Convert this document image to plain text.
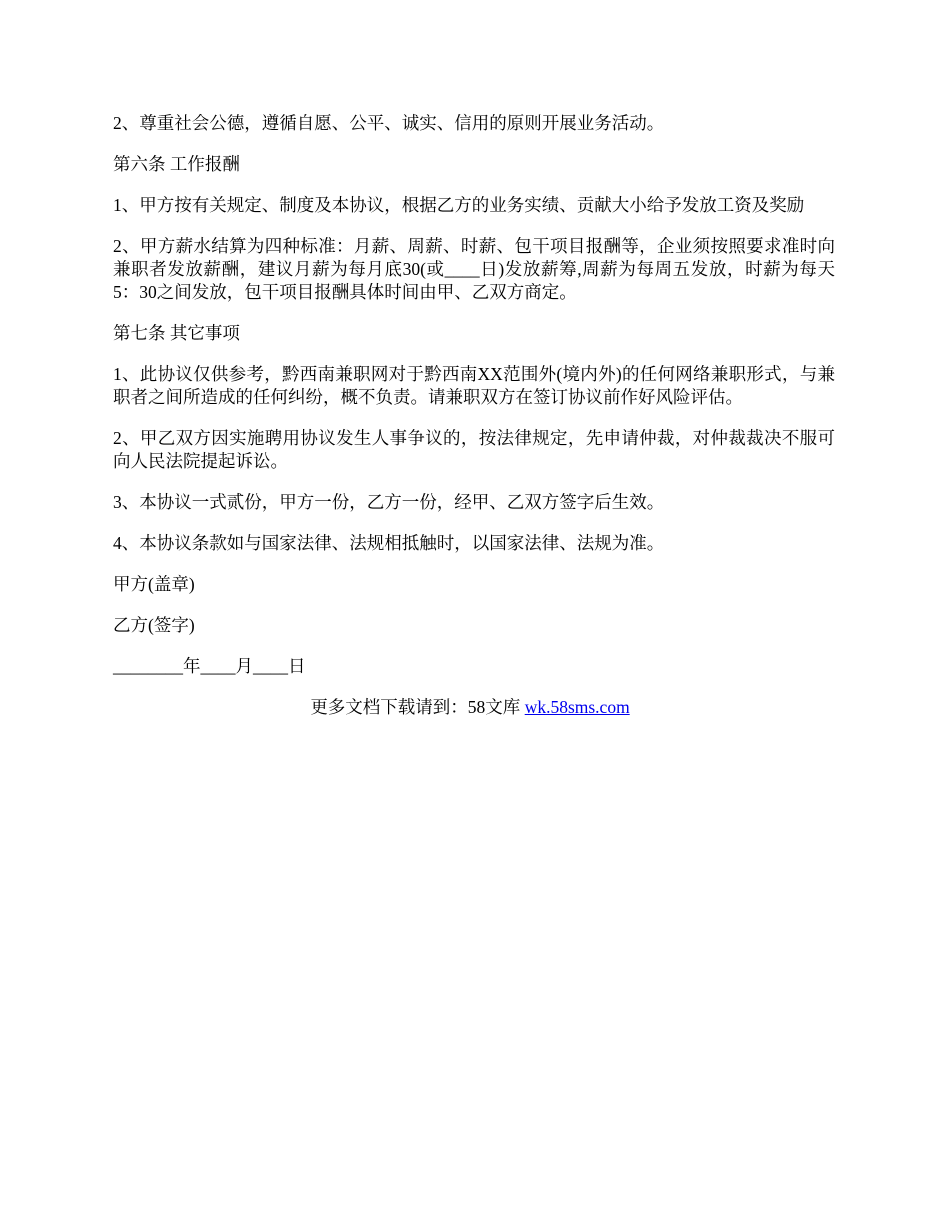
2、尊重社会公德，遵循自愿、公平、诚实、信用的原则开展业务活动。

第六条 工作报酬

1、甲方按有关规定、制度及本协议，根据乙方的业务实绩、贡献大小给予发放工资及奖励

2、甲方薪水结算为四种标准：月薪、周薪、时薪、包干项目报酬等，企业须按照要求准时向兼职者发放薪酬，建议月薪为每月底30(或____日)发放薪筹,周薪为每周五发放，时薪为每天5：30之间发放，包干项目报酬具体时间由甲、乙双方商定。

第七条 其它事项

1、此协议仅供参考，黔西南兼职网对于黔西南XX范围外(境内外)的任何网络兼职形式，与兼职者之间所造成的任何纠纷，概不负责。请兼职双方在签订协议前作好风险评估。

2、甲乙双方因实施聘用协议发生人事争议的，按法律规定，先申请仲裁，对仲裁裁决不服可向人民法院提起诉讼。

3、本协议一式贰份，甲方一份，乙方一份，经甲、乙双方签字后生效。

4、本协议条款如与国家法律、法规相抵触时，以国家法律、法规为准。

甲方(盖章)

乙方(签字)

________年____月____日

更多文档下载请到：58文库 wk.58sms.com
